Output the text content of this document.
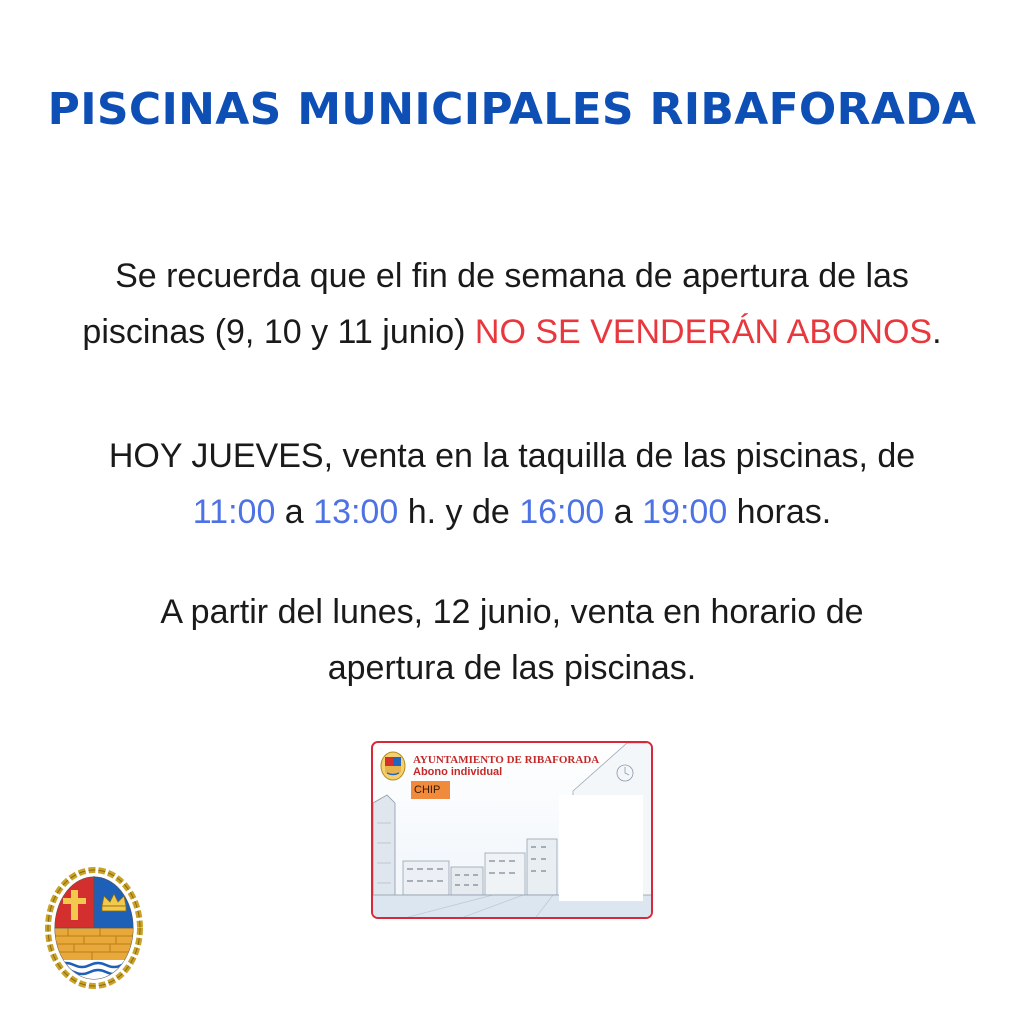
PISCINAS MUNICIPALES RIBAFORADA

Se recuerda que el fin de semana de apertura de las
piscinas (9, 10 y 11 junio) NO SE VENDERÁN ABONOS.

HOY JUEVES, venta en la taquilla de las piscinas, de
11:00 a 13:00 h. y de 16:00 a 19:00 horas.

A partir del lunes, 12 junio, venta en horario de
apertura de las piscinas.

AYUNTAMIENTO DE RIBAFORADA
Abono individual
CHIP
